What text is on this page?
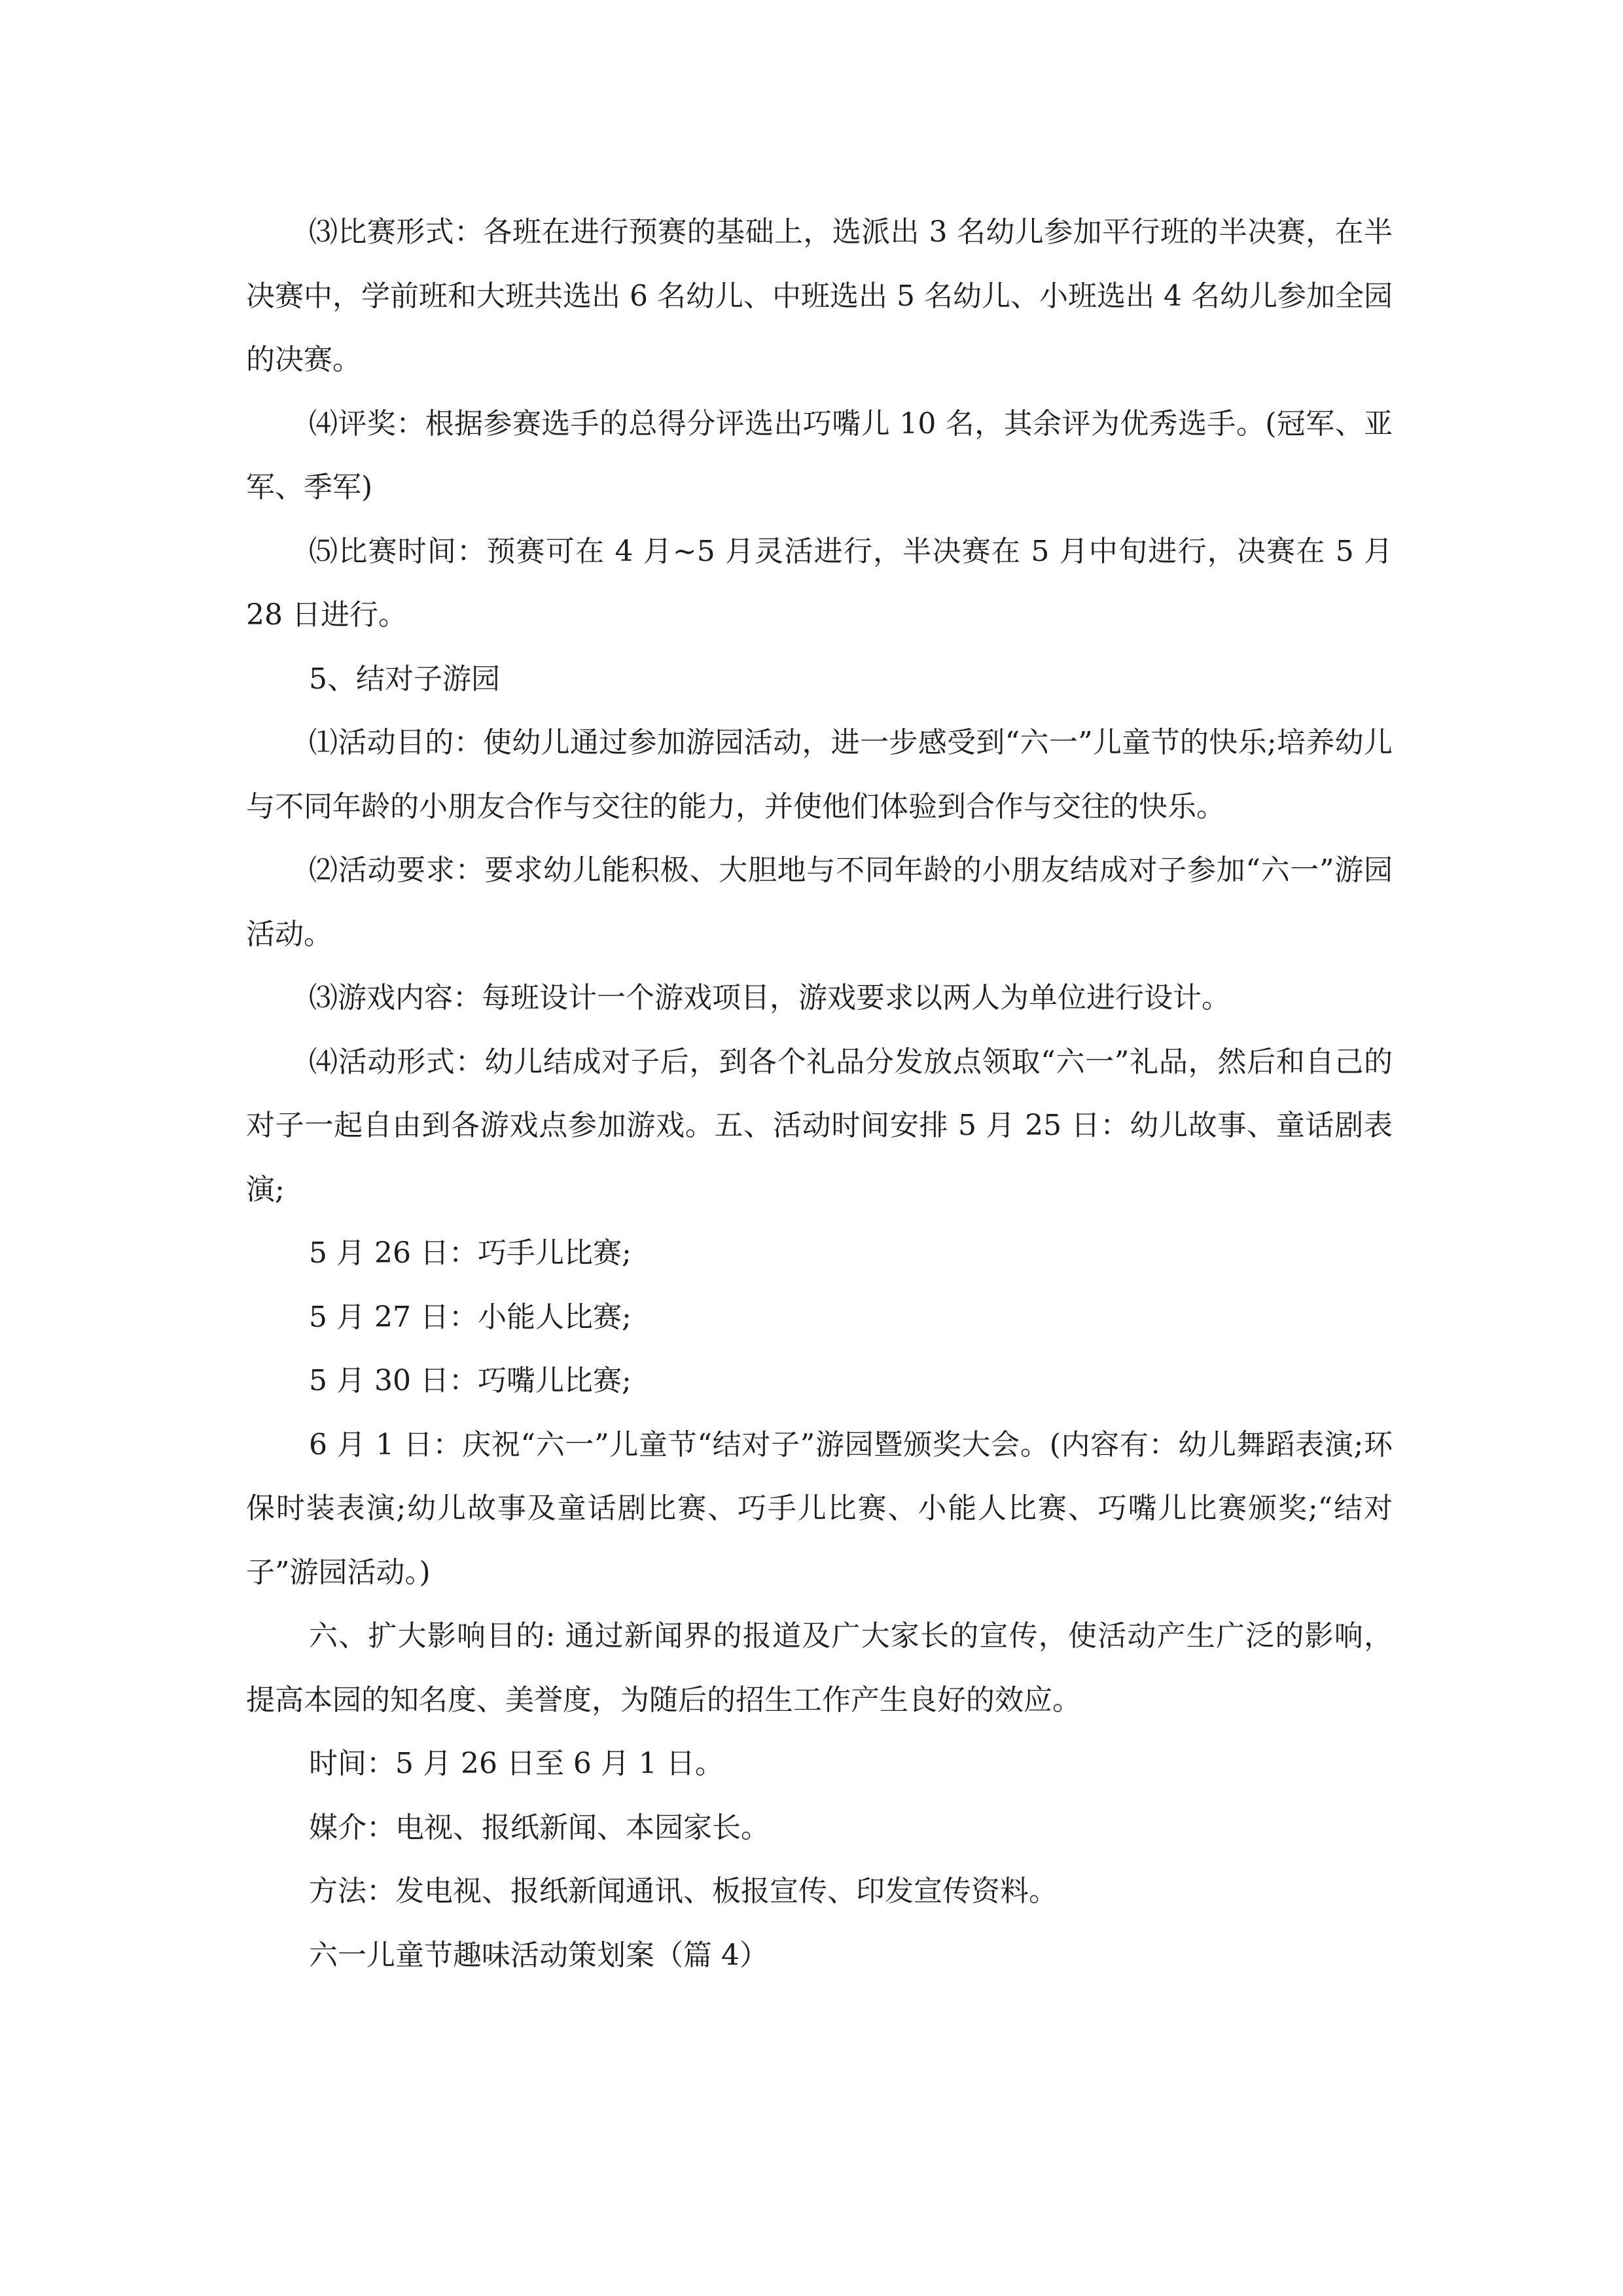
⑶比赛形式：各班在进行预赛的基础上，选派出 3 名幼儿参加平行班的半决赛，在半决赛中，学前班和大班共选出 6 名幼儿、中班选出 5 名幼儿、小班选出 4 名幼儿参加全园的决赛。

⑷评奖：根据参赛选手的总得分评选出巧嘴儿 10 名，其余评为优秀选手。(冠军、亚军、季军)

⑸比赛时间：预赛可在 4 月~5 月灵活进行，半决赛在 5 月中旬进行，决赛在 5 月 28 日进行。

5、结对子游园

⑴活动目的：使幼儿通过参加游园活动，进一步感受到“六一”儿童节的快乐;培养幼儿与不同年龄的小朋友合作与交往的能力，并使他们体验到合作与交往的快乐。

⑵活动要求：要求幼儿能积极、大胆地与不同年龄的小朋友结成对子参加“六一”游园活动。

⑶游戏内容：每班设计一个游戏项目，游戏要求以两人为单位进行设计。

⑷活动形式：幼儿结成对子后，到各个礼品分发放点领取“六一”礼品，然后和自己的对子一起自由到各游戏点参加游戏。五、活动时间安排 5 月 25 日：幼儿故事、童话剧表演;

5 月 26 日：巧手儿比赛;

5 月 27 日：小能人比赛;

5 月 30 日：巧嘴儿比赛;

6 月 1 日：庆祝“六一”儿童节“结对子”游园暨颁奖大会。(内容有：幼儿舞蹈表演;环保时装表演;幼儿故事及童话剧比赛、巧手儿比赛、小能人比赛、巧嘴儿比赛颁奖;“结对子”游园活动。)

六、扩大影响目的: 通过新闻界的报道及广大家长的宣传，使活动产生广泛的影响，提高本园的知名度、美誉度，为随后的招生工作产生良好的效应。

时间：5 月 26 日至 6 月 1 日。

媒介：电视、报纸新闻、本园家长。

方法：发电视、报纸新闻通讯、板报宣传、印发宣传资料。

六一儿童节趣味活动策划案（篇 4）
